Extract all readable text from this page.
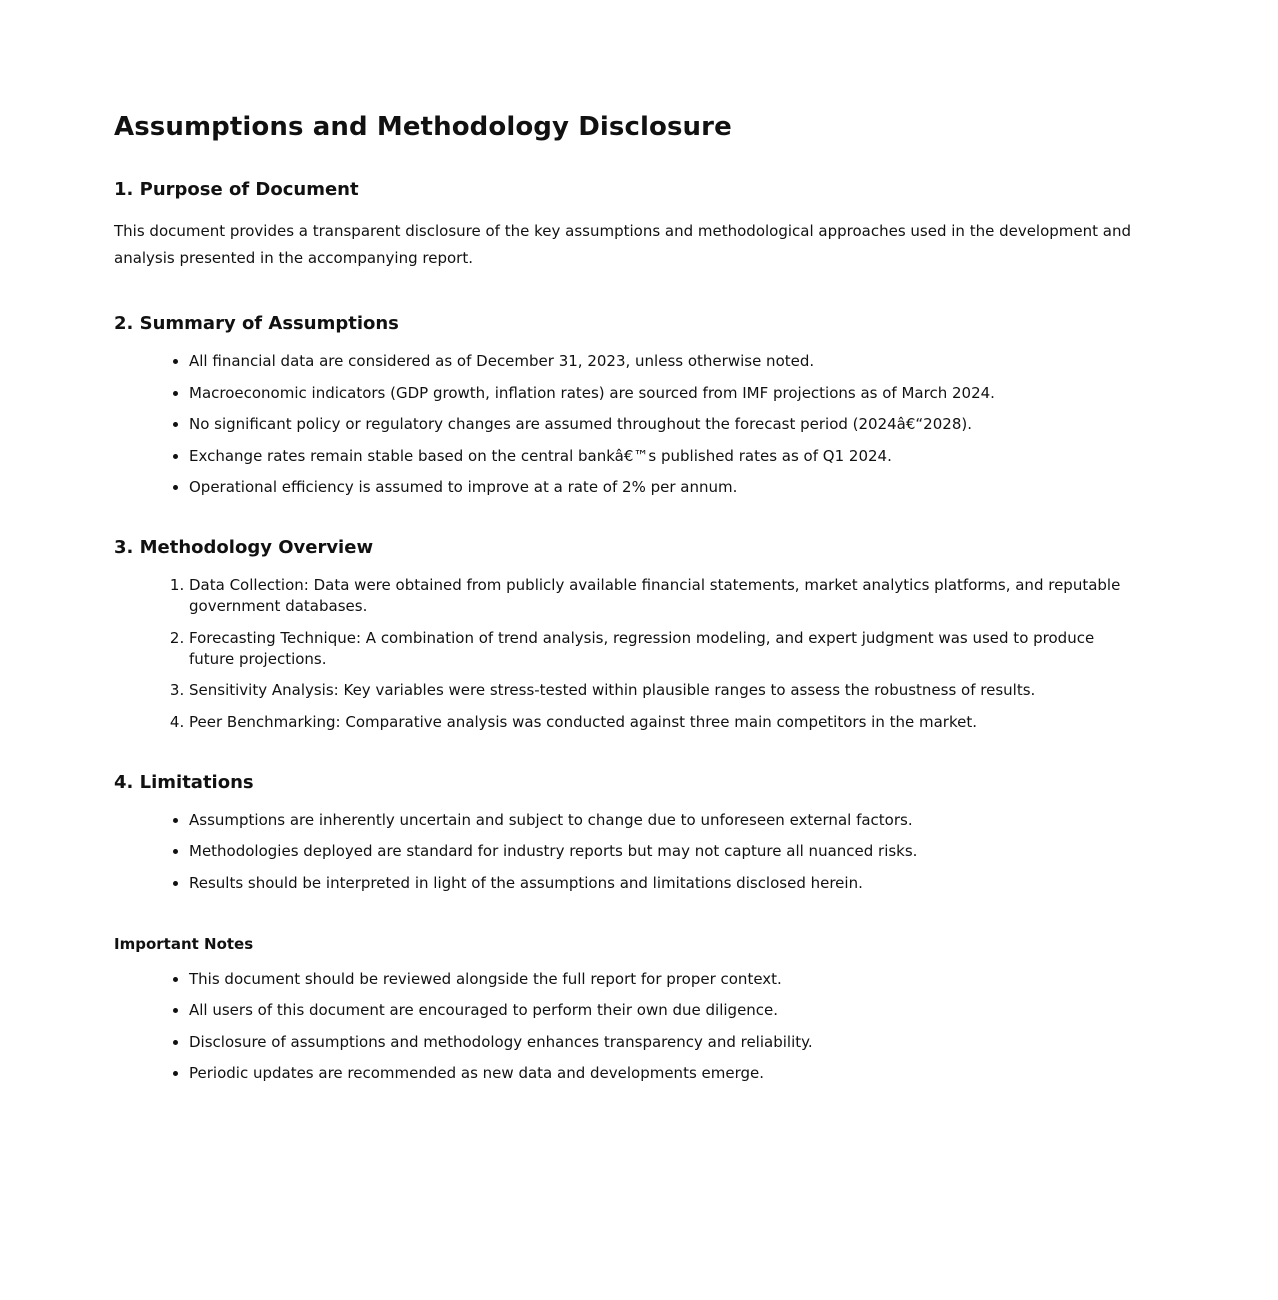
Assumptions and Methodology Disclosure
1. Purpose of Document

This document provides a transparent disclosure of the key assumptions and methodological approaches used in the development and analysis presented in the accompanying report.

2. Summary of Assumptions
• All financial data are considered as of December 31, 2023, unless otherwise noted.
• Macroeconomic indicators (GDP growth, inflation rates) are sourced from IMF projections as of March 2024.
• No significant policy or regulatory changes are assumed throughout the forecast period (2024â€“2028).
• Exchange rates remain stable based on the central bankâ€™s published rates as of Q1 2024.
• Operational efficiency is assumed to improve at a rate of 2% per annum.
3. Methodology Overview
1. Data Collection: Data were obtained from publicly available financial statements, market analytics platforms, and reputable government databases.
2. Forecasting Technique: A combination of trend analysis, regression modeling, and expert judgment was used to produce future projections.
3. Sensitivity Analysis: Key variables were stress-tested within plausible ranges to assess the robustness of results.
4. Peer Benchmarking: Comparative analysis was conducted against three main competitors in the market.
4. Limitations
• Assumptions are inherently uncertain and subject to change due to unforeseen external factors.
• Methodologies deployed are standard for industry reports but may not capture all nuanced risks.
• Results should be interpreted in light of the assumptions and limitations disclosed herein.
Important Notes
• This document should be reviewed alongside the full report for proper context.
• All users of this document are encouraged to perform their own due diligence.
• Disclosure of assumptions and methodology enhances transparency and reliability.
• Periodic updates are recommended as new data and developments emerge.
